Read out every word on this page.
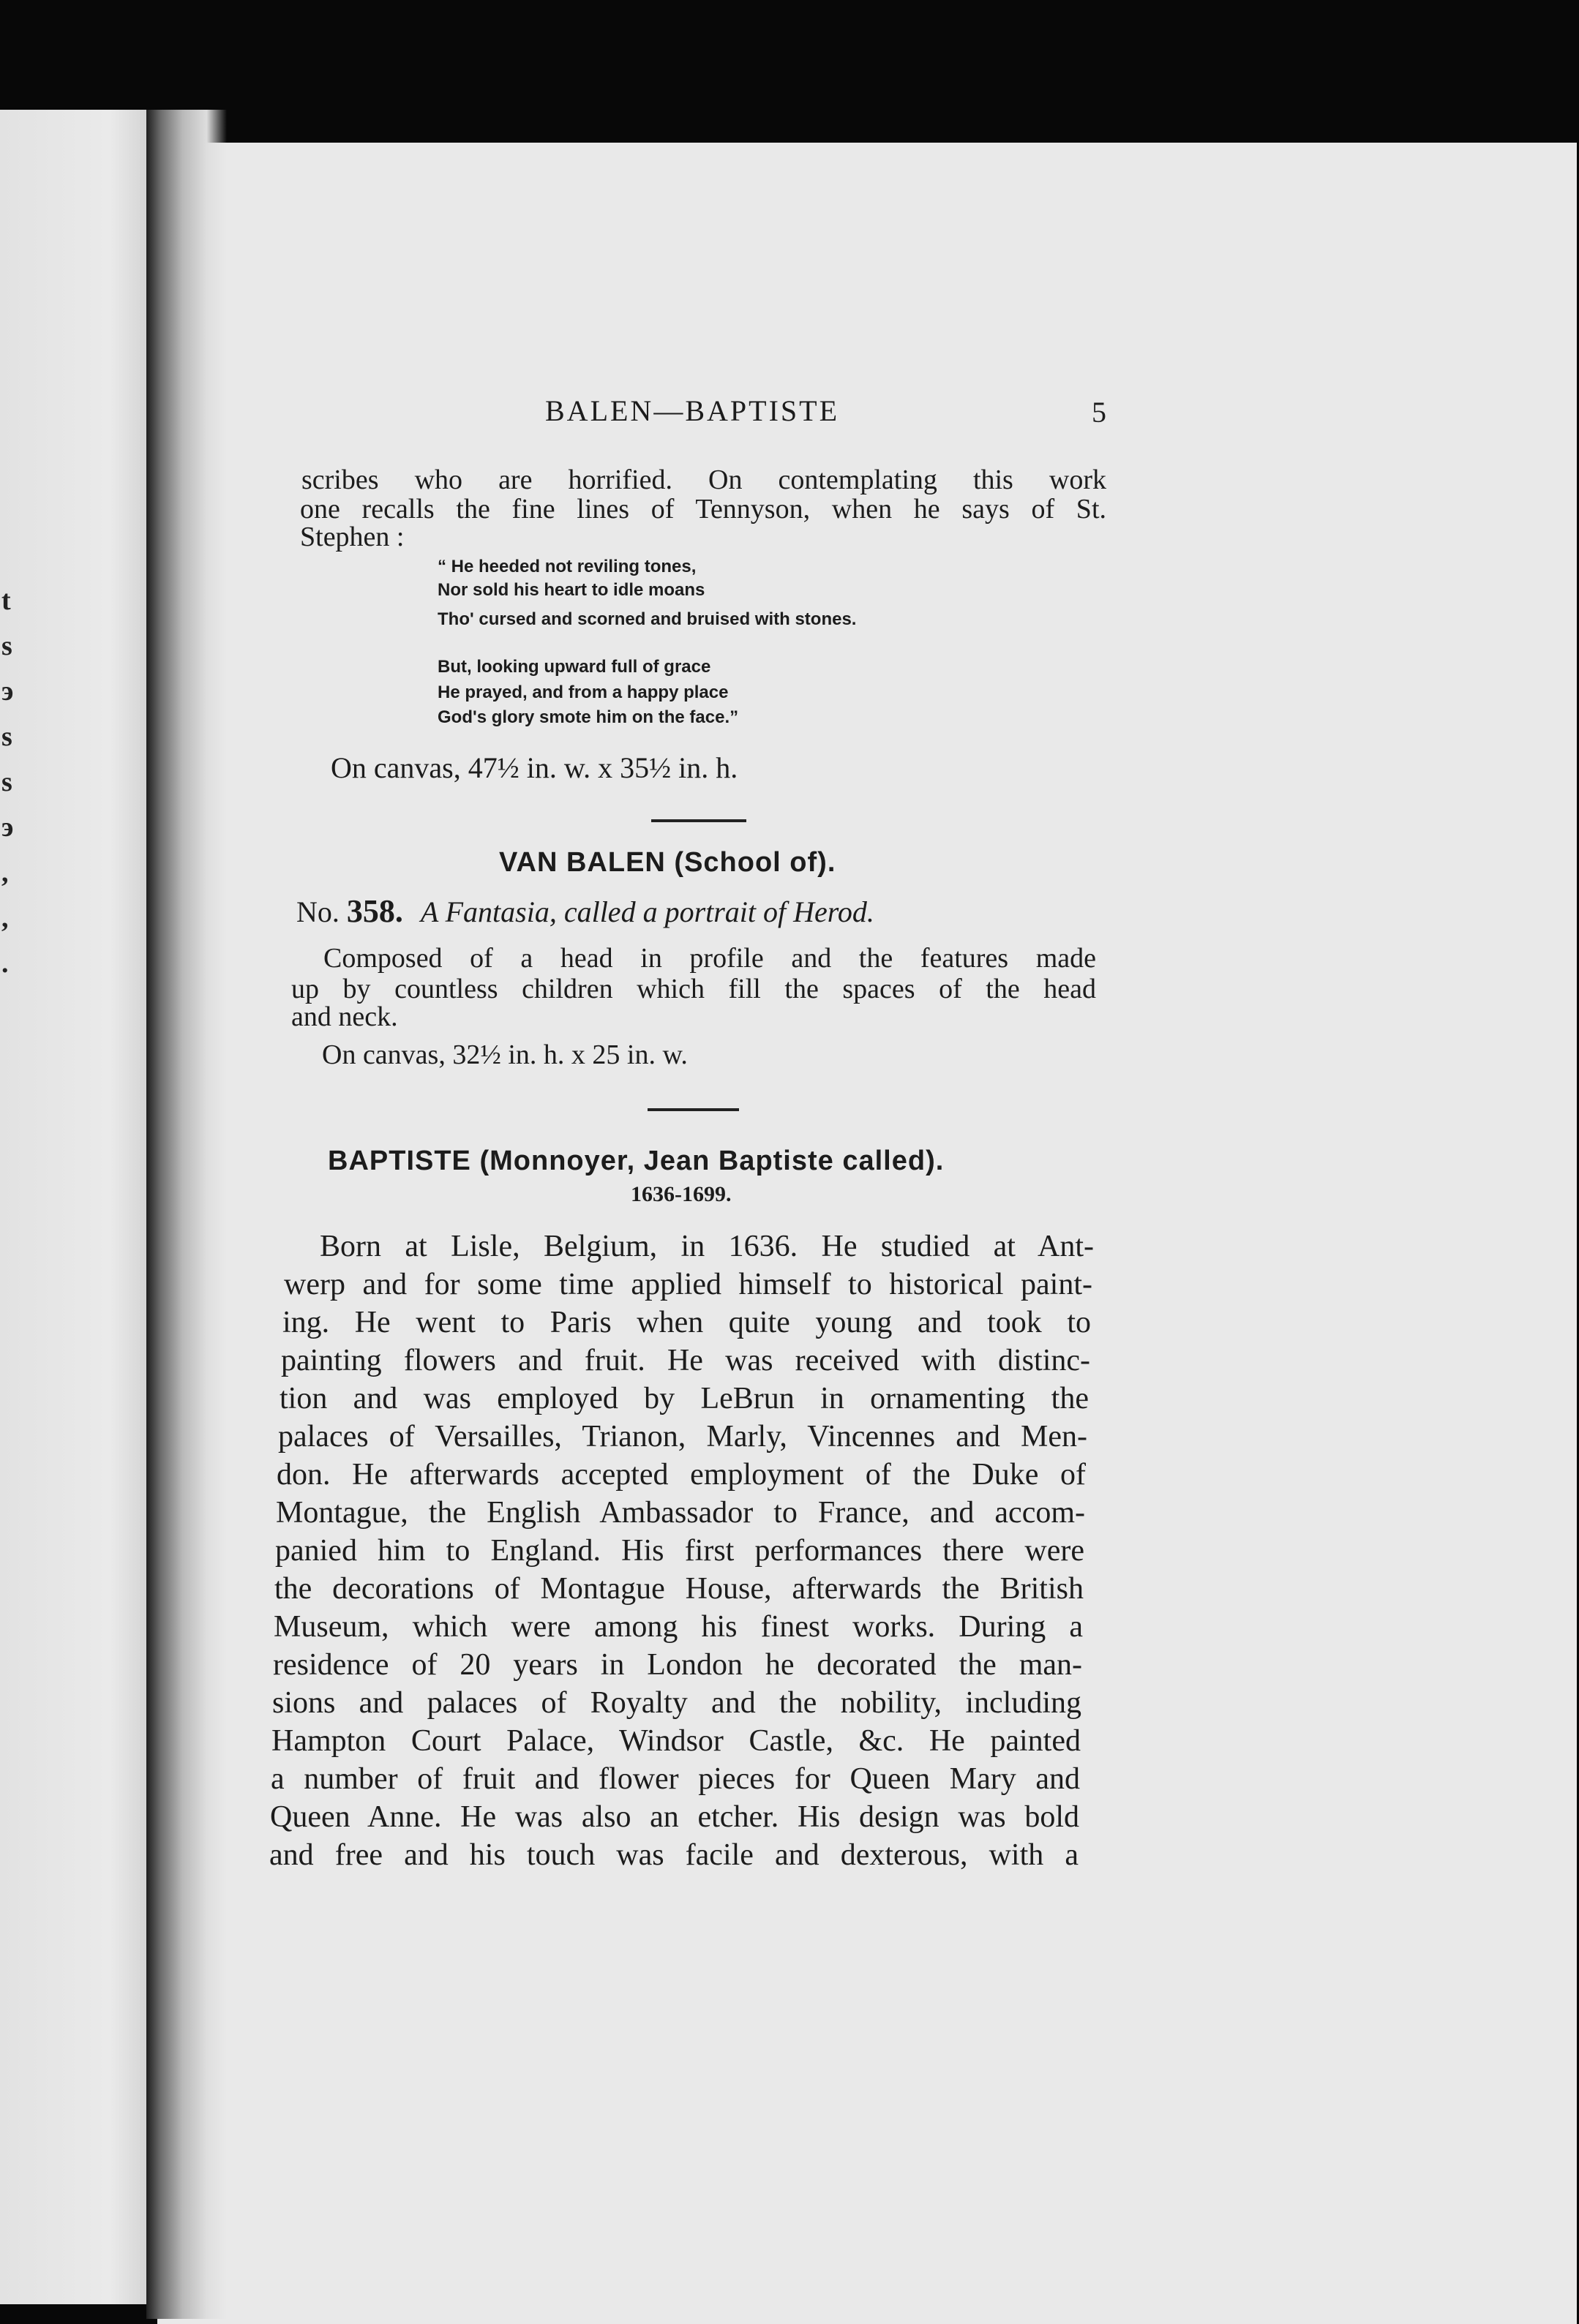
t
s
э
s
s
э
,
,
.

BALEN—BAPTISTE	5

scribes who are horrified. On contemplating this work

one recalls the fine lines of Tennyson, when he says of St.

Stephen :

“ He heeded not reviling tones,

Nor sold his heart to idle moans

Tho' cursed and scorned and bruised with stones.

But, looking upward full of grace

He prayed, and from a happy place

God's glory smote him on the face.”

On canvas, 47½ in. w. x 35½ in. h.

VAN BALEN (School of).

No. 358. A Fantasia, called a portrait of Herod.

Composed of a head in profile and the features made

up by countless children which fill the spaces of the head

and neck.

On canvas, 32½ in. h. x 25 in. w.

BAPTISTE (Monnoyer, Jean Baptiste called).

1636-1699.

Born at Lisle, Belgium, in 1636. He studied at Ant-

werp and for some time applied himself to historical paint-

ing. He went to Paris when quite young and took to

painting flowers and fruit. He was received with distinc-

tion and was employed by LeBrun in ornamenting the

palaces of Versailles, Trianon, Marly, Vincennes and Men-

don. He afterwards accepted employment of the Duke of

Montague, the English Ambassador to France, and accom-

panied him to England. His first performances there were

the decorations of Montague House, afterwards the British

Museum, which were among his finest works. During a

residence of 20 years in London he decorated the man-

sions and palaces of Royalty and the nobility, including

Hampton Court Palace, Windsor Castle, &c. He painted

a number of fruit and flower pieces for Queen Mary and

Queen Anne. He was also an etcher. His design was bold

and free and his touch was facile and dexterous, with a
